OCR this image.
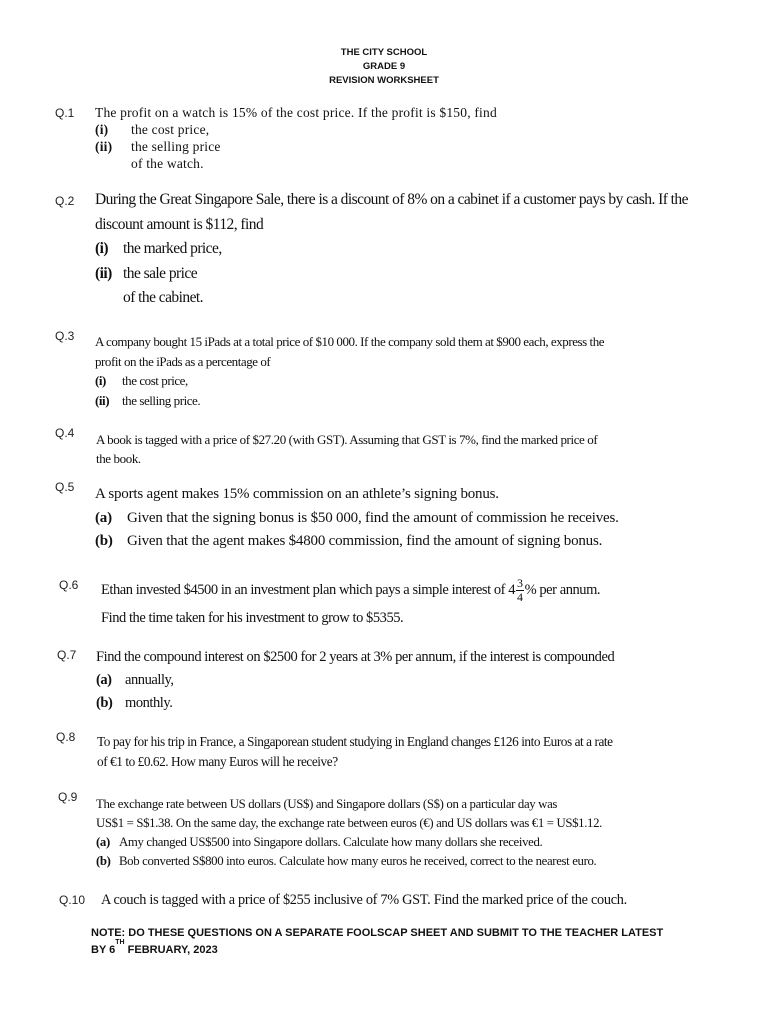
THE CITY SCHOOL
GRADE 9
REVISION WORKSHEET
Q.1 The profit on a watch is 15% of the cost price. If the profit is $150, find
(i)	the cost price,
(ii)	the selling price
of the watch.
Q.2 During the Great Singapore Sale, there is a discount of 8% on a cabinet if a customer pays by cash. If the
discount amount is $112, find
(i) the marked price,
(ii) the sale price
of the cabinet.
Q.3 A company bought 15 iPads at a total price of $10 000. If the company sold them at $900 each, express the
profit on the iPads as a percentage of
(i)	the cost price,
(ii) the selling price.
Q.4 A book is tagged with a price of $27.20 (with GST). Assuming that GST is 7%, find the marked price of
the book.
Q.5 A sports agent makes 15% commission on an athlete’s signing bonus.
(a)	Given that the signing bonus is $50 000, find the amount of commission he receives.
(b) Given that the agent makes $4800 commission, find the amount of signing bonus.
Q.6 Ethan invested $4500 in an investment plan which pays a simple interest of $4 \frac{3}{4}$ % per annum.
Find the time taken for his investment to grow to $5355.
Q.7 Find the compound interest on $2500 for 2 years at 3% per annum, if the interest is compounded
(a) annually,
(b) monthly.
Q.8 To pay for his trip in France, a Singaporean student studying in England changes £126 into Euros at a rate
of €1 to £0.62. How many Euros will he receive?
Q.9 The exchange rate between US dollars (US$) and Singapore dollars (S$) on a particular day was
US$1 = S$1.38. On the same day, the exchange rate between euros (€) and US dollars was €1 = US$1.12.
(a) Amy changed US$500 into Singapore dollars. Calculate how many dollars she received.
(b) Bob converted S$800 into euros. Calculate how many euros he received, correct to the nearest euro.
Q.10 A couch is tagged with a price of $255 inclusive of 7% GST. Find the marked price of the couch.
NOTE: DO THESE QUESTIONS ON A SEPARATE FOOLSCAP SHEET AND SUBMIT TO THE TEACHER LATEST
BY 6TH FEBRUARY, 2023
